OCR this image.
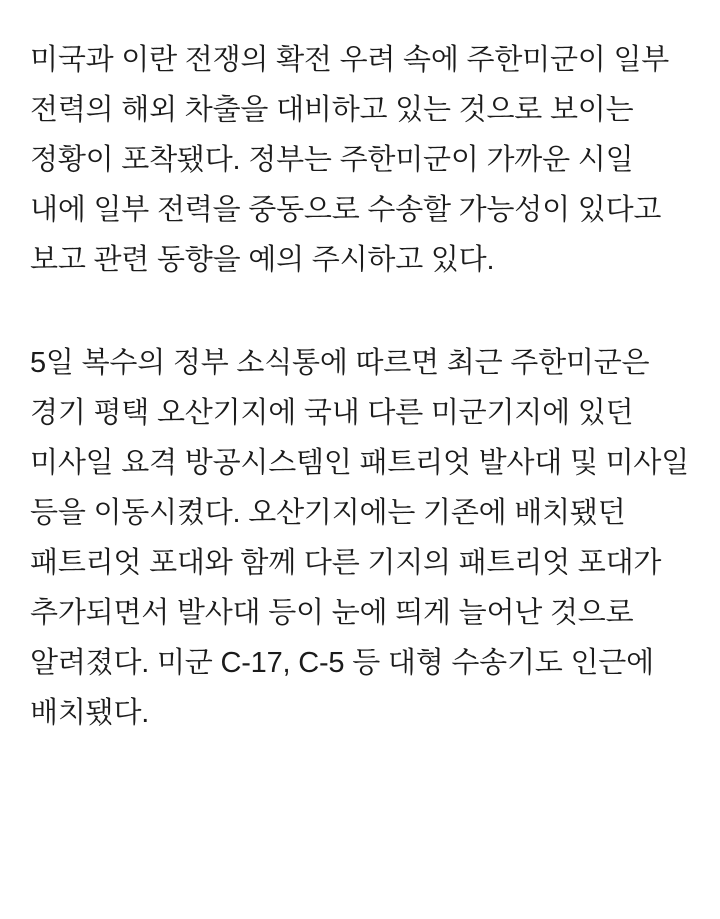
미국과 이란 전쟁의 확전 우려 속에 주한미군이 일부 전력의 해외 차출을 대비하고 있는 것으로 보이는 정황이 포착됐다. 정부는 주한미군이 가까운 시일 내에 일부 전력을 중동으로 수송할 가능성이 있다고 보고 관련 동향을 예의 주시하고 있다.

5일 복수의 정부 소식통에 따르면 최근 주한미군은 경기 평택 오산기지에 국내 다른 미군기지에 있던 미사일 요격 방공시스템인 패트리엇 발사대 및 미사일 등을 이동시켰다. 오산기지에는 기존에 배치됐던 패트리엇 포대와 함께 다른 기지의 패트리엇 포대가 추가되면서 발사대 등이 눈에 띄게 늘어난 것으로 알려졌다. 미군 C-17, C-5 등 대형 수송기도 인근에 배치됐다.
